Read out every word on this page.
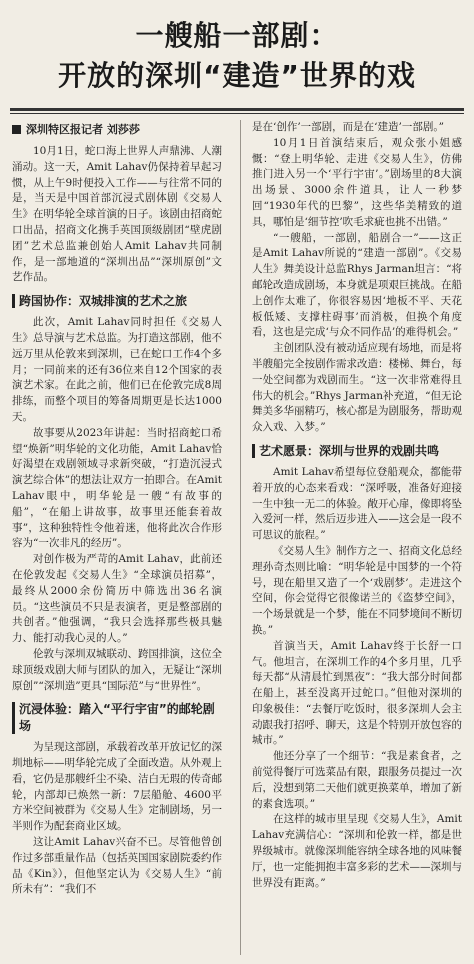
一艘船一部剧：
开放的深圳“建造”世界的戏
深圳特区报记者 刘莎莎

10月1日，蛇口海上世界人声鼎沸、人潮涌动。这一天，Amit Lahav仍保持着早起习惯，从上午9时便投入工作——与往常不同的是，当天是中国首部沉浸式剧体剧《交易人生》在明华轮全球首演的日子。该剧由招商蛇口出品，招商文化携手英国顶级剧团“壁虎剧团”艺术总监兼创始人Amit Lahav共同制作，是一部地道的“深圳出品”“深圳原创”文艺作品。

跨国协作：双城排演的艺术之旅

此次，Amit Lahav同时担任《交易人生》总导演与艺术总监。为打造这部剧，他不远万里从伦敦来到深圳，已在蛇口工作4个多月；一同前来的还有36位来自12个国家的表演艺术家。在此之前，他们已在伦敦完成8周排练，而整个项目的筹备周期更是长达1000天。

故事要从2023年讲起：当时招商蛇口希望“焕新”明华轮的文化功能，Amit Lahav恰好渴望在戏剧领域寻求新突破，“打造沉浸式演艺综合体”的想法让双方一拍即合。在Amit Lahav眼中，明华轮是一艘“有故事的船”，“在船上讲故事，故事里还能套着故事”，这种独特性令他着迷，他将此次合作形容为“一次非凡的经历”。

对创作极为严苛的Amit Lahav，此前还在伦敦发起《交易人生》“全球演员招募”，最终从2000余份简历中筛选出36名演员。“这些演员不只是表演者，更是整部剧的共创者。”他强调，“我只会选择那些极具魅力、能打动我心灵的人。”

伦敦与深圳双城联动、跨国排演，这位全球顶级戏剧大师与团队的加入，无疑让“深圳原创”“深圳造”更具“国际范”与“世界性”。

沉浸体验：踏入“平行宇宙”的邮轮剧场

为呈现这部剧，承载着改革开放记忆的深圳地标——明华轮完成了全面改造。从外观上看，它仍是那艘纤尘不染、洁白无瑕的传奇邮轮，内部却已焕然一新：7层船舱、4600平方米空间被群为《交易人生》定制剧场，另一半则作为配套商业区域。

这让Amit Lahav兴奋不已。尽管他曾创作过多部重量作品（包括英国国家剧院委约作品《Kin》），但他坚定认为《交易人生》“前所未有”：“我们不

是在‘创作’一部剧，而是在‘建造’一部剧。”

10月1日首演结束后，观众张小姐感慨：“登上明华轮、走进《交易人生》，仿佛推门进入另一个‘平行宇宙’。”剧场里的8大演出场景、3000余件道具，让人一秒梦回“1930年代的巴黎”，这些华美精致的道具，哪怕是‘细节控’吹毛求疵也挑不出错。”

“一艘船，一部剧，船剧合一”——这正是Amit Lahav所说的“建造一部剧”。《交易人生》舞美设计总监Rhys Jarman坦言：“将邮轮改造成剧场，本身就是项艰巨挑战。在船上创作太难了，你很容易因‘地板不平、天花板低矮、支撑柱碍事’而消极，但换个角度看，这也是完成‘与众不同作品’的难得机会。”

主创团队没有被动适应现有场地，而是将半艘船完全按剧作需求改造：楼梯、舞台，每一处空间都为戏剧而生。“这一次非常难得且伟大的机会。”Rhys Jarman补充道，“但无论舞美多华丽精巧，核心都是为剧服务，帮助观众入戏、入梦。”

艺术愿景：深圳与世界的戏剧共鸣

Amit Lahav希望每位登船观众，都能带着开放的心态来看戏：“深呼吸，准备好迎接一生中独一无二的体验。敞开心扉，像即将坠入爱河一样，然后迈步进入——这会是一段不可思议的旅程。”

《交易人生》制作方之一、招商文化总经理孙奇杰则比喻：“明华轮是中国梦的一个符号，现在船里又造了一个‘戏剧梦’。走进这个空间，你会觉得它很像诺兰的《盗梦空间》，一个场景就是一个梦，能在不同梦境间不断切换。”

首演当天，Amit Lahav终于长舒一口气。他坦言，在深圳工作的4个多月里，几乎每天都“从清晨忙到黑夜”：“我大部分时间都在船上，甚至没离开过蛇口。”但他对深圳的印象极佳：“去餐厅吃饭时，很多深圳人会主动跟我打招呼、聊天，这是个特别开放包容的城市。”

他还分享了一个细节：“我是素食者，之前觉得餐厅可选菜品有限，跟服务员提过一次后，没想到第二天他们就更换菜单，增加了新的素食选项。”

在这样的城市里呈现《交易人生》，Amit Lahav充满信心：“深圳和伦敦一样，都是世界级城市。就像深圳能容纳全球各地的风味餐厅，也一定能拥抱丰富多彩的艺术——深圳与世界没有距离。”
